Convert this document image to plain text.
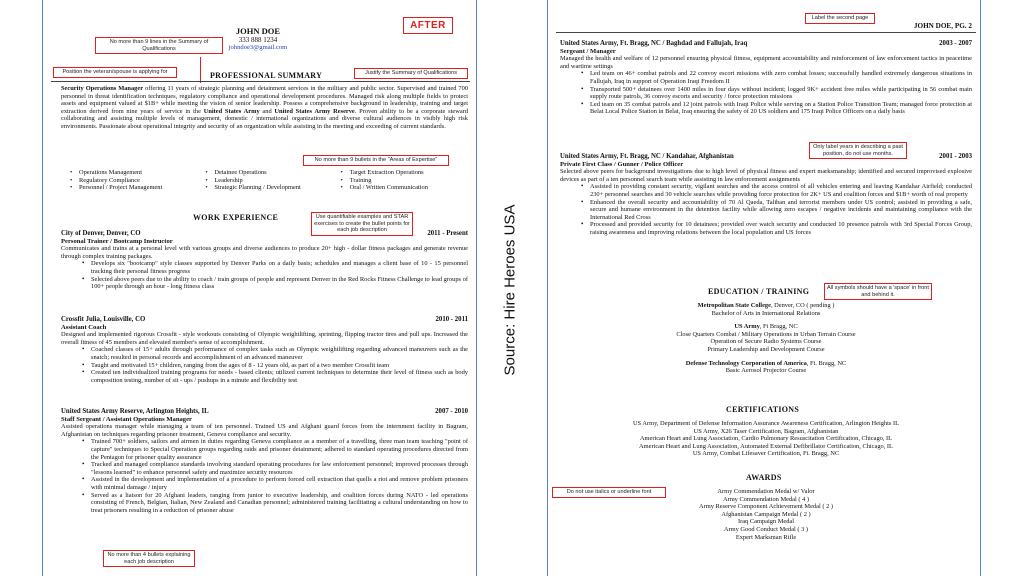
JOHN DOE
333 888 1234
johndoe3@gmail.com
AFTER
No more than 9 lines in the Summary of Qualifications
Position the veteran/spouse is applying for	Justify the Summary of Qualifications
PROFESSIONAL SUMMARY
Security Operations Manager offering 11 years of strategic planning and detainment services in the military and public sector. Supervised and trained 700 personnel in threat identification techniques, regulatory compliance and operational development procedures. Managed risk along multiple fields to protect assets and equipment valued at $1B+ while meeting the vision of senior leadership. Possess a comprehensive background in leadership, training and target extraction derived from nine years of service in the United States Army and United States Army Reserve. Proven ability to be a corporate steward collaborating and assisting multiple levels of management, domestic / international organizations and diverse cultural audiences in visibly high risk environments. Passionate about operational integrity and security of an organization while assisting in the meeting and exceeding of current standards.
No more than 9 bullets in the "Areas of Expertise"
• Operations Management	• Detainee Operations	• Target Extraction Operations
• Regulatory Compliance	• Leadership	• Training
• Personnel / Project Management	• Strategic Planning / Development	• Oral / Written Communication
WORK EXPERIENCE	Use quantifiable examples and STAR exercises to create the bullet points for each job description
City of Denver, Denver, CO	2011 - Present
Personal Trainer / Bootcamp Instructor
Communicates and trains at a personal level with various groups and diverse audiences to produce 20+ high - dollar fitness packages and generate revenue through complex training packages.
• Develops six "bootcamp" style classes supported by Denver Parks on a daily basis; schedules and manages a client base of 10 - 15 personnel tracking their personal fitness progress
• Selected above peers due to the ability to coach / train groups of people and represent Denver in the Red Rocks Fitness Challenge to lead groups of 100+ people through an hour - long fitness class
Crossfit Julia, Louisville, CO	2010 - 2011
Assistant Coach
Designed and implemented rigorous Crossfit - style workouts consisting of Olympic weightlifting, sprinting, flipping tractor tires and pull ups. Increased the overall fitness of 45 members and elevated member's sense of accomplishment.
• Coached classes of 15+ adults through performance of complex tasks such as Olympic weightlifting regarding advanced maneuvers such as the snatch; resulted in personal records and accomplishment of an advanced maneuver
• Taught and motivated 15+ children, ranging from the ages of 8 - 12 years old, as part of a two member Crossfit team
• Created ten individualized training programs for needs - based clients; utilized current techniques to determine their level of fitness such as body composition testing, number of sit - ups / pushups in a minute and flexibility test
United States Army Reserve, Arlington Heights, IL	2007 - 2010
Staff Sergeant / Assistant Operations Manager
Assisted operations manager while managing a team of ten personnel. Trained US and Afghani guard forces from the internment facility in Bagram, Afghanistan on techniques regarding prisoner treatment, Geneva compliance and security.
• Trained 700+ soldiers, sailors and airmen in duties regarding Geneva compliance as a member of a travelling, three man team teaching "point of capture" techniques to Special Operation groups regarding raids and prisoner detainment; adhered to standard operating procedures directed from the Pentagon for prisoner quality assurance
• Tracked and managed compliance standards involving standard operating procedures for law enforcement personnel; improved processes through "lessons learned" to enhance personnel safety and maximize security resources
• Assisted in the development and implementation of a procedure to perform forced cell extraction that quells a riot and remove problem prisoners with minimal damage / injury
• Served as a liaison for 20 Afghani leaders, ranging from junior to executive leadership, and coalition forces during NATO - led operations consisting of French, Belgian, Italian, New Zealand and Canadian personnel; administered training facilitating a cultural understanding on how to treat prisoners resulting in a reduction of prisoner abuse
No more than 4 bullets explaining each job description
Source: Hire Heroes USA
Label the second page
JOHN DOE, PG. 2
United States Army, Ft. Bragg, NC / Baghdad and Fallujah, Iraq	2003 - 2007
Sergeant / Manager
Managed the health and welfare of 12 personnel ensuring physical fitness, equipment accountability and reinforcement of law enforcement tactics in peacetime and wartime settings
• Led team on 46+ combat patrols and 22 convoy escort missions with zero combat losses; successfully handled extremely dangerous situations in Fallujah, Iraq in support of Operation Iraqi Freedom II
• Transported 500+ detainees over 1400 miles in four days without incident; logged 9K+ accident free miles while participating in 56 combat main supply route patrols, 36 convoy escorts and security / force protection missions
• Led team on 35 combat patrols and 12 joint patrols with Iraqi Police while serving on a Station Police Transition Team; managed force protection at Belat Local Police Station in Belat, Iraq ensuring the safety of 20 US soldiers and 175 Iraqi Police Officers on a daily basis
Only label years in describing a past position, do not use months.
United States Army, Ft. Bragg, NC / Kandahar, Afghanistan	2001 - 2003
Private First Class / Gunner / Police Officer
Selected above peers for background investigations due to high level of physical fitness and expert marksmanship; identified and secured improvised explosive devices as part of a ten personnel search team while assisting in law enforcement assignments
• Assisted in providing constant security, vigilant searches and the access control of all vehicles entering and leaving Kandahar Airfield; conducted 230+ personnel searches and 30 vehicle searches while providing force protection for 2K+ US and coalition forces and $1B+ worth of real property
• Enhanced the overall security and accountability of 70 Al Qaeda, Taliban and terrorist members under US control; assisted in providing a safe, secure and humane environment in the detention facility while allowing zero escapes / negative incidents and maintaining compliance with the International Red Cross
• Processed and provided security for 10 detainees; provided over watch security and conducted 10 presence patrols with 3rd Special Forces Group, raising awareness and improving relations between the local population and US forces
EDUCATION / TRAINING	All symbols should have a 'space' in front and behind it.
Metropolitan State College, Denver, CO ( pending )
Bachelor of Arts in International Relations
US Army, Ft Bragg, NC
Close Quarters Combat / Military Operations in Urban Terrain Course
Operation of Secure Radio Systems Course
Primary Leadership and Development Course
Defense Technology Corporation of America, Ft. Bragg, NC
Basic Aerosol Projector Course
CERTIFICATIONS
US Army, Department of Defense Information Assurance Awareness Certification, Arlington Heights IL
US Army, X26 Taser Certification, Bagram, Afghanistan
American Heart and Lung Association, Cardio Pulmonary Resuscitation Certification, Chicago, IL
American Heart and Lung Association, Automated External Defibrillator Certification, Chicago, IL
US Army, Combat Lifesaver Certification, Ft. Bragg, NC
AWARDS
Do not use italics or underline font	Army Commendation Medal w/ Valor
Army Commendation Medal ( 4 )
Army Reserve Component Achievement Medal ( 2 )
Afghanistan Campaign Medal ( 2 )
Iraq Campaign Medal
Army Good Conduct Medal ( 3 )
Expert Marksman Rifle
